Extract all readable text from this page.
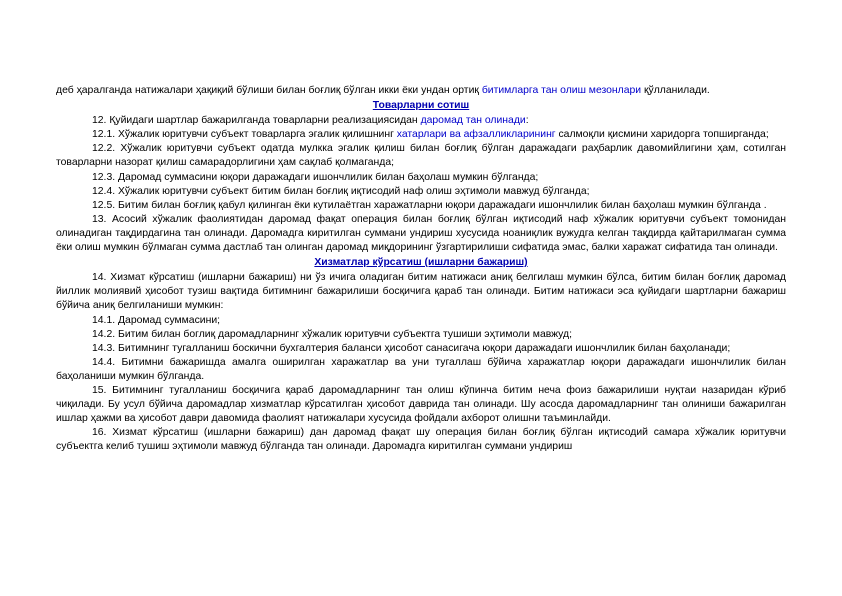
деб ҳаралганда натижалари ҳақиқий бўлиши билан боғлиқ бўлган икки ёки ундан ортиқ битимларга тан олиш мезонлари қўлланилади.

Товарларни сотиш

12. Қуйидаги шартлар бажарилганда товарларни реализациясидан даромад тан олинади:

12.1. Хўжалик юритувчи субъект товарларга эгалик қилишнинг хатарлари ва афзалликларининг салмоқли қисмини харидорга топширганда;

12.2. Хўжалик юритувчи субъект одатда мулкка эгалик қилиш билан боғлиқ бўлган даражадаги раҳбарлик давомийлигини ҳам, сотилган товарларни назорат қилиш самарадорлигини ҳам сақлаб қолмаганда;

12.3. Даромад суммасини юқори даражадаги ишончлилик билан баҳолаш мумкин бўлганда;

12.4. Хўжалик юритувчи субъект битим билан боғлиқ иқтисодий наф олиш эҳтимоли мавжуд бўлганда;

12.5. Битим билан боғлиқ қабул қилинган ёки кутилаётган харажатларни юқори даражадаги ишончлилик билан баҳолаш мумкин бўлганда .

13. Асосий хўжалик фаолиятидан даромад фақат операция билан боғлиқ бўлган иқтисодий наф хўжалик юритувчи субъект томонидан олинадиган тақдирдагина тан олинади. Даромадга киритилган суммани ундириш хусусида ноаниқлик вужудга келган тақдирда қайтарилмаган сумма ёки олиш мумкин бўлмаган сумма дастлаб тан олинган даромад миқдорининг ўзгартирилиши сифатида эмас, балки харажат сифатида тан олинади.

Хизматлар кўрсатиш (ишларни бажариш)

14. Хизмат кўрсатиш (ишларни бажариш) ни ўз ичига оладиган битим натижаси аниқ белгилаш мумкин бўлса, битим билан боғлиқ даромад йиллик молиявий ҳисобот тузиш вақтида битимнинг бажарилиши босқичига қараб тан олинади. Битим натижаси эса қуйидаги шартларни бажариш бўйича аниқ белгиланиши мумкин:

14.1. Даромад суммасини;

14.2. Битим билан боглиқ даромадларнинг хўжалик юритувчи субъектга тушиши эҳтимоли мавжуд;

14.3. Битимнинг тугалланиш боскични бухгалтерия баланси ҳисобот санасигача юқори даражадаги ишончлилик билан баҳоланади;

14.4. Битимни бажаришда амалга оширилган харажатлар ва уни тугаллаш бўйича харажатлар юқори даражадаги ишончлилик билан баҳоланиши мумкин бўлганда.

15. Битимнинг тугалланиш босқичига қараб даромадларнинг тан олиш кўпинча битим неча фоиз бажарилиши нуқтаи назаридан кўриб чиқилади. Бу усул бўйича даромадлар хизматлар кўрсатилган ҳисобот даврида тан олинади. Шу асосда даромадларнинг тан олиниши бажарилган ишлар ҳажми ва ҳисобот даври давомида фаолият натижалари хусусида фойдали ахборот олишни таъминлайди.

16. Хизмат кўрсатиш (ишларни бажариш) дан даромад фақат шу операция билан боғлиқ бўлган иқтисодий самара хўжалик юритувчи субъектга келиб тушиш эҳтимоли мавжуд бўлганда тан олинади. Даромадга киритилган суммани ундириш
